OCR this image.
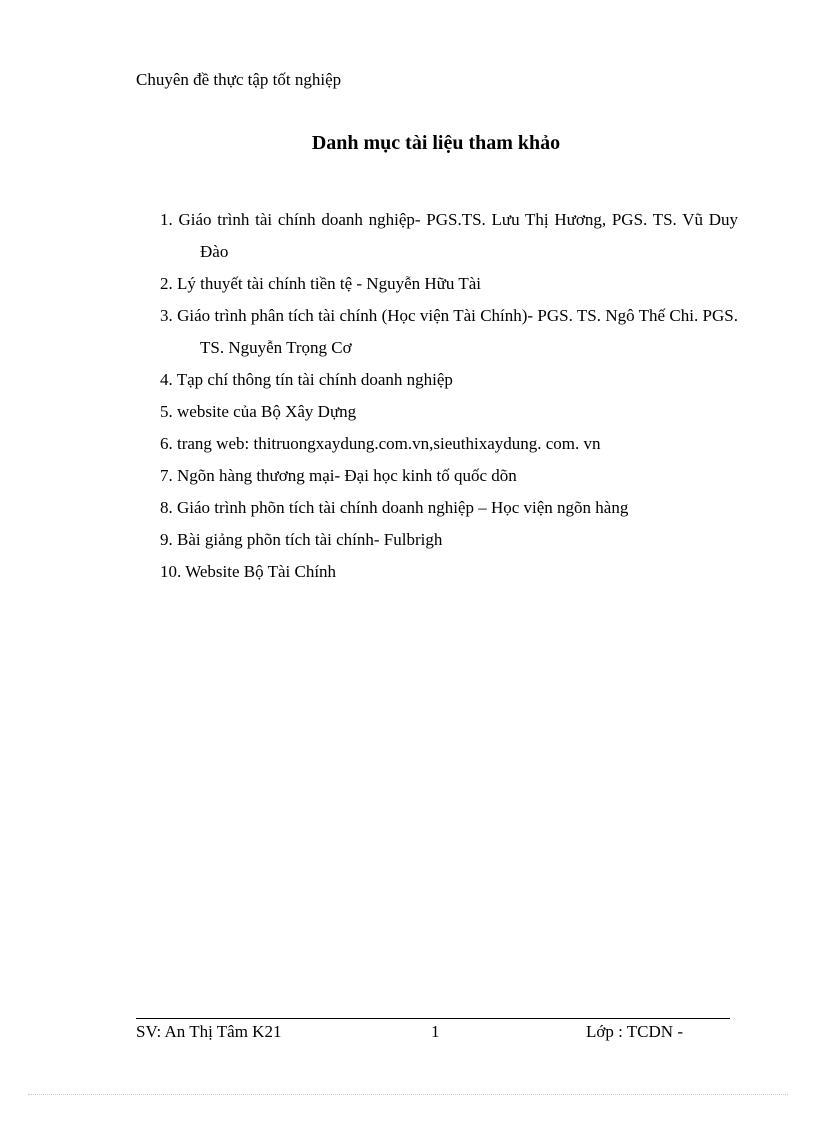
Chuyên đề thực tập tốt nghiệp
Danh mục tài liệu tham khảo
1. Giáo trình tài chính doanh nghiệp- PGS.TS. Lưu Thị Hương, PGS. TS. Vũ Duy Đào
2. Lý thuyết tài chính tiền tệ - Nguyễn Hữu Tài
3. Giáo trình phân tích tài chính (Học viện Tài Chính)- PGS. TS. Ngô Thế Chi. PGS. TS. Nguyễn Trọng Cơ
4. Tạp chí thông tín tài chính doanh nghiệp
5. website của Bộ Xây Dựng
6. trang web: thitruongxaydung.com.vn,sieuthixaydung. com. vn
7. Ngõn hàng thương mại- Đại học kinh tố quốc dõn
8. Giáo trình phõn tích tài chính doanh nghiệp – Học viện ngõn hàng
9. Bài giảng phõn tích tài chính- Fulbrigh
10. Website Bộ Tài Chính
SV: An Thị Tâm K21	1	Lớp : TCDN -
